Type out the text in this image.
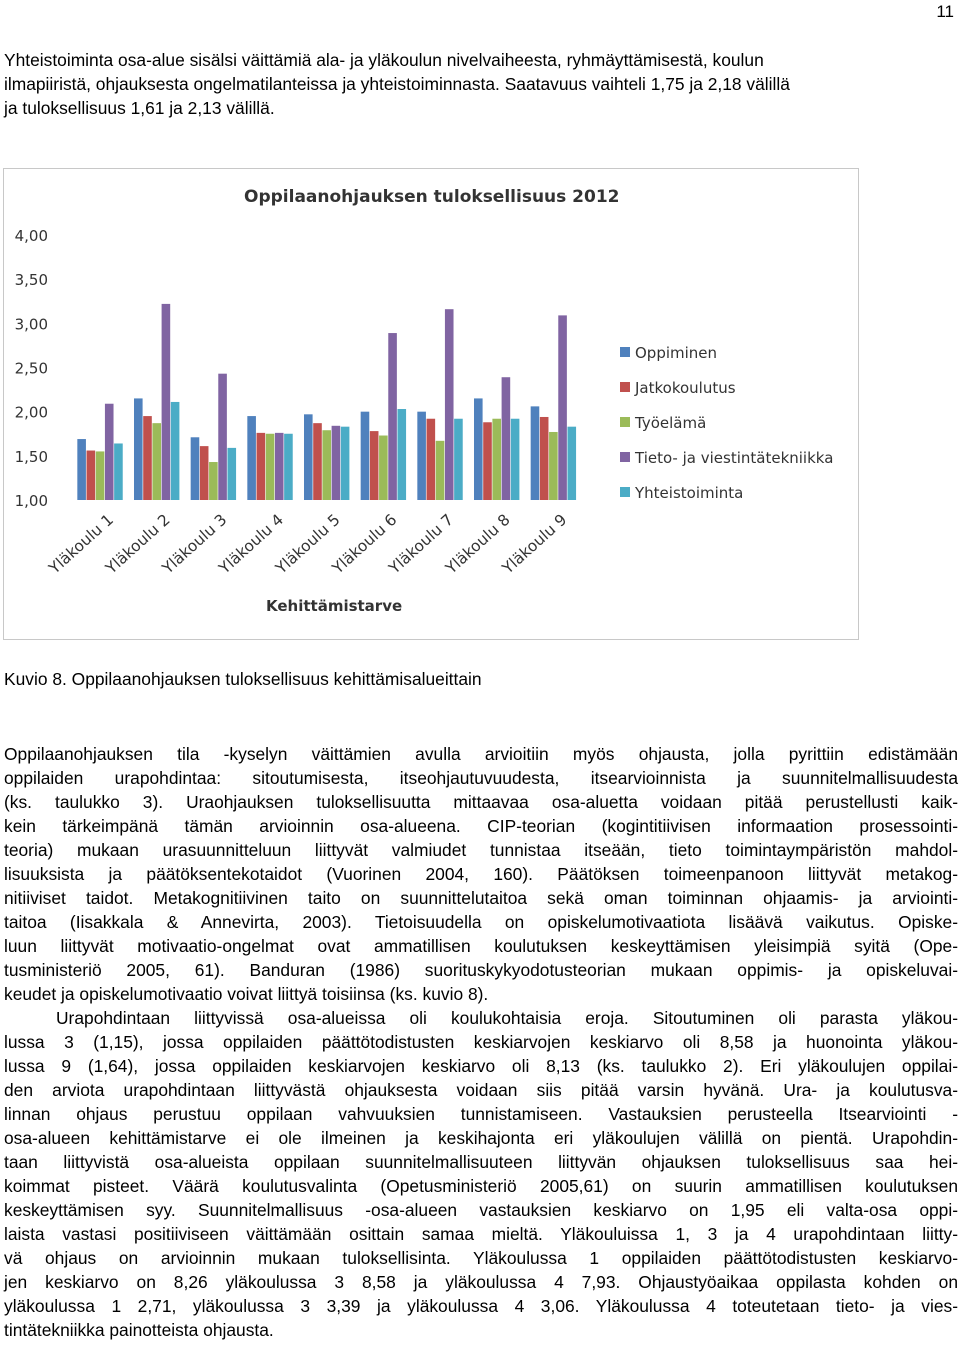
11

Yhteistoiminta osa-alue sisälsi väittämiä ala- ja yläkoulun nivelvaiheesta, ryhmäyttämisestä, koulun
ilmapiiristä, ohjauksesta ongelmatilanteissa ja yhteistoiminnasta. Saatavuus vaihteli 1,75 ja 2,18 välillä
ja tuloksellisuus 1,61 ja 2,13 välillä.

Oppilaanohjauksen tuloksellisuus 2012
1,00
1,50
2,00
2,50
3,00
3,50
4,00
Yläkoulu 1
Yläkoulu 2
Yläkoulu 3
Yläkoulu 4
Yläkoulu 5
Yläkoulu 6
Yläkoulu 7
Yläkoulu 8
Yläkoulu 9
Kehittämistarve
Oppiminen
Jatkokoulutus
Työelämä
Tieto- ja viestintätekniikka
Yhteistoiminta
Kuvio 8. Oppilaanohjauksen tuloksellisuus kehittämisalueittain

Oppilaanohjauksen tila -kyselyn väittämien avulla arvioitiin myös ohjausta, jolla pyrittiin edistämään
oppilaiden urapohdintaa: sitoutumisesta, itseohjautuvuudesta, itsearvioinnista ja suunnitelmallisuudesta
(ks. taulukko 3). Uraohjauksen tuloksellisuutta mittaavaa osa-aluetta voidaan pitää perustellusti kaik-
kein tärkeimpänä tämän arvioinnin osa-alueena. CIP-teorian (kogintitiivisen informaation prosessointi-
teoria) mukaan urasuunnitteluun liittyvät valmiudet tunnistaa itseään, tieto toimintaympäristön mahdol-
lisuuksista ja päätöksentekotaidot (Vuorinen 2004, 160). Päätöksen toimeenpanoon liittyvät metakog-
nitiiviset taidot. Metakognitiivinen taito on suunnittelutaitoa sekä oman toiminnan ohjaamis- ja arviointi-
taitoa (Iisakkala & Annevirta, 2003). Tietoisuudella on opiskelumotivaatiota lisäävä vaikutus. Opiske-
luun liittyvät motivaatio-ongelmat ovat ammatillisen koulutuksen keskeyttämisen yleisimpiä syitä (Ope-
tusministeriö 2005, 61). Banduran (1986) suorituskykyodotusteorian mukaan oppimis- ja opiskeluvai-
keudet ja opiskelumotivaatio voivat liittyä toisiinsa (ks. kuvio 8).
Urapohdintaan liittyvissä osa-alueissa oli koulukohtaisia eroja. Sitoutuminen oli parasta yläkou-
lussa 3 (1,15), jossa oppilaiden päättötodistusten keskiarvojen keskiarvo oli 8,58 ja huonointa yläkou-
lussa 9 (1,64), jossa oppilaiden keskiarvojen keskiarvo oli 8,13 (ks. taulukko 2). Eri yläkoulujen oppilai-
den arviota urapohdintaan liittyvästä ohjauksesta voidaan siis pitää varsin hyvänä. Ura- ja koulutusva-
linnan ohjaus perustuu oppilaan vahvuuksien tunnistamiseen. Vastauksien perusteella Itsearviointi -
osa-alueen kehittämistarve ei ole ilmeinen ja keskihajonta eri yläkoulujen välillä on pientä. Urapohdin-
taan liittyvistä osa-alueista oppilaan suunnitelmallisuuteen liittyvän ohjauksen tuloksellisuus saa hei-
koimmat pisteet. Väärä koulutusvalinta (Opetusministeriö 2005,61) on suurin ammatillisen koulutuksen
keskeyttämisen syy. Suunnitelmallisuus -osa-alueen vastauksien keskiarvo on 1,95 eli valta-osa oppi-
laista vastasi positiiviseen väittämään osittain samaa mieltä. Yläkouluissa 1, 3 ja 4 urapohdintaan liitty-
vä ohjaus on arvioinnin mukaan tuloksellisinta. Yläkoulussa 1 oppilaiden päättötodistusten keskiarvo-
jen keskiarvo on 8,26 yläkoulussa 3 8,58 ja yläkoulussa 4 7,93. Ohjaustyöaikaa oppilasta kohden on
yläkoulussa 1 2,71, yläkoulussa 3 3,39 ja yläkoulussa 4 3,06. Yläkoulussa 4 toteutetaan tieto- ja vies-
tintätekniikka painotteista ohjausta.
